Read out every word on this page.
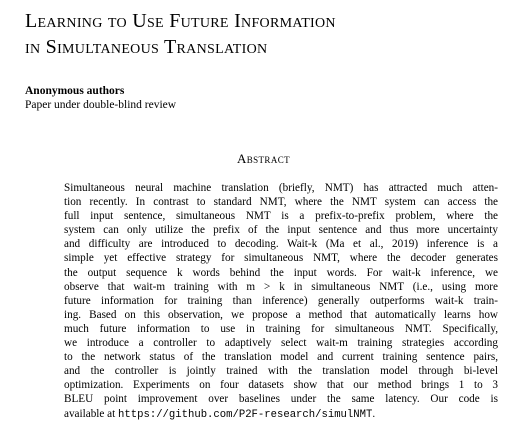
Learning to Use Future Information
in Simultaneous Translation
Anonymous authors
Paper under double-blind review
Abstract
Simultaneous neural machine translation (briefly, NMT) has attracted much atten-
tion recently. In contrast to standard NMT, where the NMT system can access the
full input sentence, simultaneous NMT is a prefix-to-prefix problem, where the
system can only utilize the prefix of the input sentence and thus more uncertainty
and difficulty are introduced to decoding. Wait-k (Ma et al., 2019) inference is a
simple yet effective strategy for simultaneous NMT, where the decoder generates
the output sequence k words behind the input words. For wait-k inference, we
observe that wait-m training with m > k in simultaneous NMT (i.e., using more
future information for training than inference) generally outperforms wait-k train-
ing. Based on this observation, we propose a method that automatically learns how
much future information to use in training for simultaneous NMT. Specifically,
we introduce a controller to adaptively select wait-m training strategies according
to the network status of the translation model and current training sentence pairs,
and the controller is jointly trained with the translation model through bi-level
optimization. Experiments on four datasets show that our method brings 1 to 3
BLEU point improvement over baselines under the same latency. Our code is
available at https://github.com/P2F-research/simulNMT.
